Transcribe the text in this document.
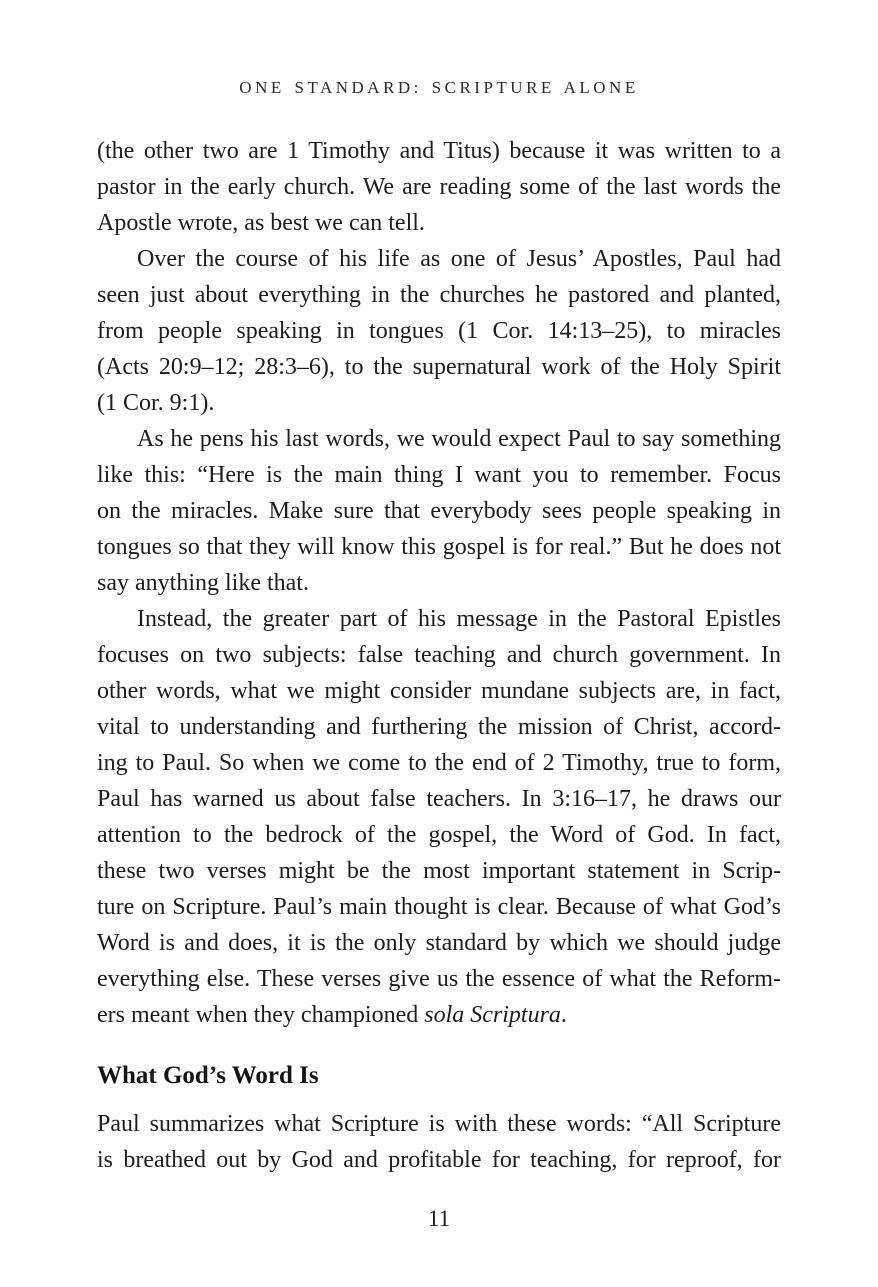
ONE STANDARD: SCRIPTURE ALONE
(the other two are 1 Timothy and Titus) because it was written to a
pastor in the early church. We are reading some of the last words the
Apostle wrote, as best we can tell.
Over the course of his life as one of Jesus’ Apostles, Paul had
seen just about everything in the churches he pastored and planted,
from people speaking in tongues (1 Cor. 14:13–25), to miracles
(Acts 20:9–12; 28:3–6), to the supernatural work of the Holy Spirit
(1 Cor. 9:1).
As he pens his last words, we would expect Paul to say something
like this: “Here is the main thing I want you to remember. Focus
on the miracles. Make sure that everybody sees people speaking in
tongues so that they will know this gospel is for real.” But he does not
say anything like that.
Instead, the greater part of his message in the Pastoral Epistles
focuses on two subjects: false teaching and church government. In
other words, what we might consider mundane subjects are, in fact,
vital to understanding and furthering the mission of Christ, accord-
ing to Paul. So when we come to the end of 2 Timothy, true to form,
Paul has warned us about false teachers. In 3:16–17, he draws our
attention to the bedrock of the gospel, the Word of God. In fact,
these two verses might be the most important statement in Scrip-
ture on Scripture. Paul’s main thought is clear. Because of what God’s
Word is and does, it is the only standard by which we should judge
everything else. These verses give us the essence of what the Reform-
ers meant when they championed sola Scriptura.
What God’s Word Is
Paul summarizes what Scripture is with these words: “All Scripture
is breathed out by God and profitable for teaching, for reproof, for
11
